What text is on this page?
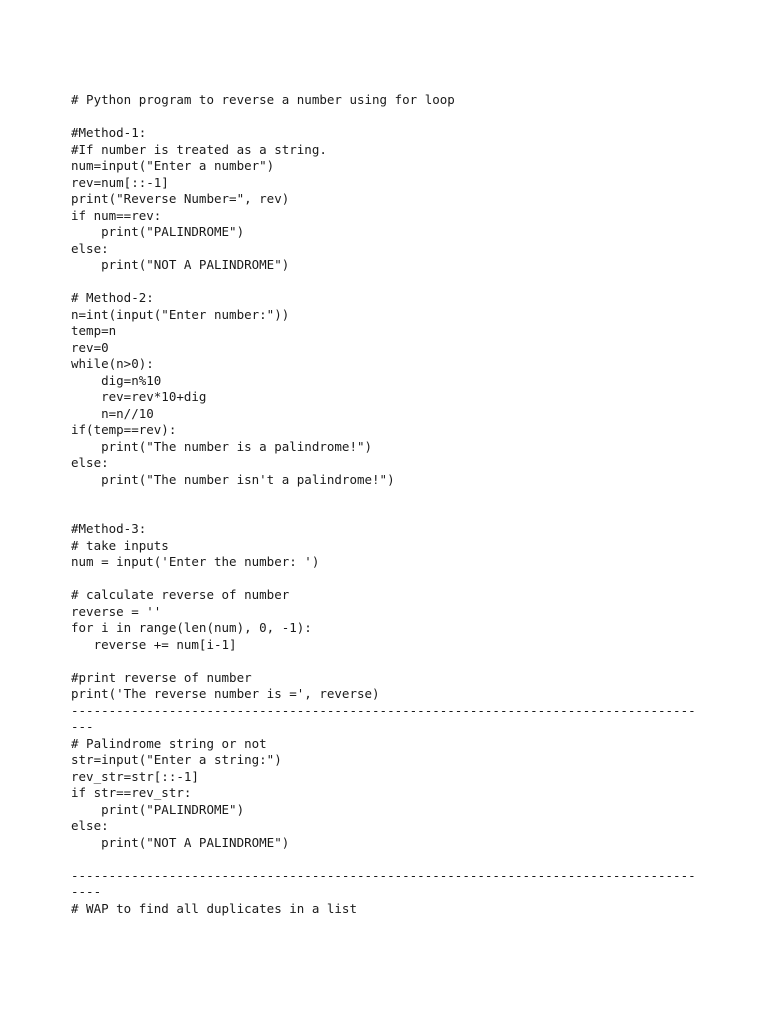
# Python program to reverse a number using for loop
#Method-1:
#If number is treated as a string.
num=input("Enter a number")
rev=num[::-1]
print("Reverse Number=", rev)
if num==rev:
print("PALINDROME")
else:
print("NOT A PALINDROME")
# Method-2:
n=int(input("Enter number:"))
temp=n
rev=0
while(n>0):
dig=n%10
rev=rev*10+dig
n=n//10
if(temp==rev):
print("The number is a palindrome!")
else:
print("The number isn't a palindrome!")
#Method-3:
# take inputs
num = input('Enter the number: ')
# calculate reverse of number
reverse = ''
for i in range(len(num), 0, -1):
reverse += num[i-1]
#print reverse of number
print('The reverse number is =', reverse)
-----------------------------------------------------------------------------------
---
# Palindrome string or not
str=input("Enter a string:")
rev_str=str[::-1]
if str==rev_str:
print("PALINDROME")
else:
print("NOT A PALINDROME")
-----------------------------------------------------------------------------------
----
# WAP to find all duplicates in a list
